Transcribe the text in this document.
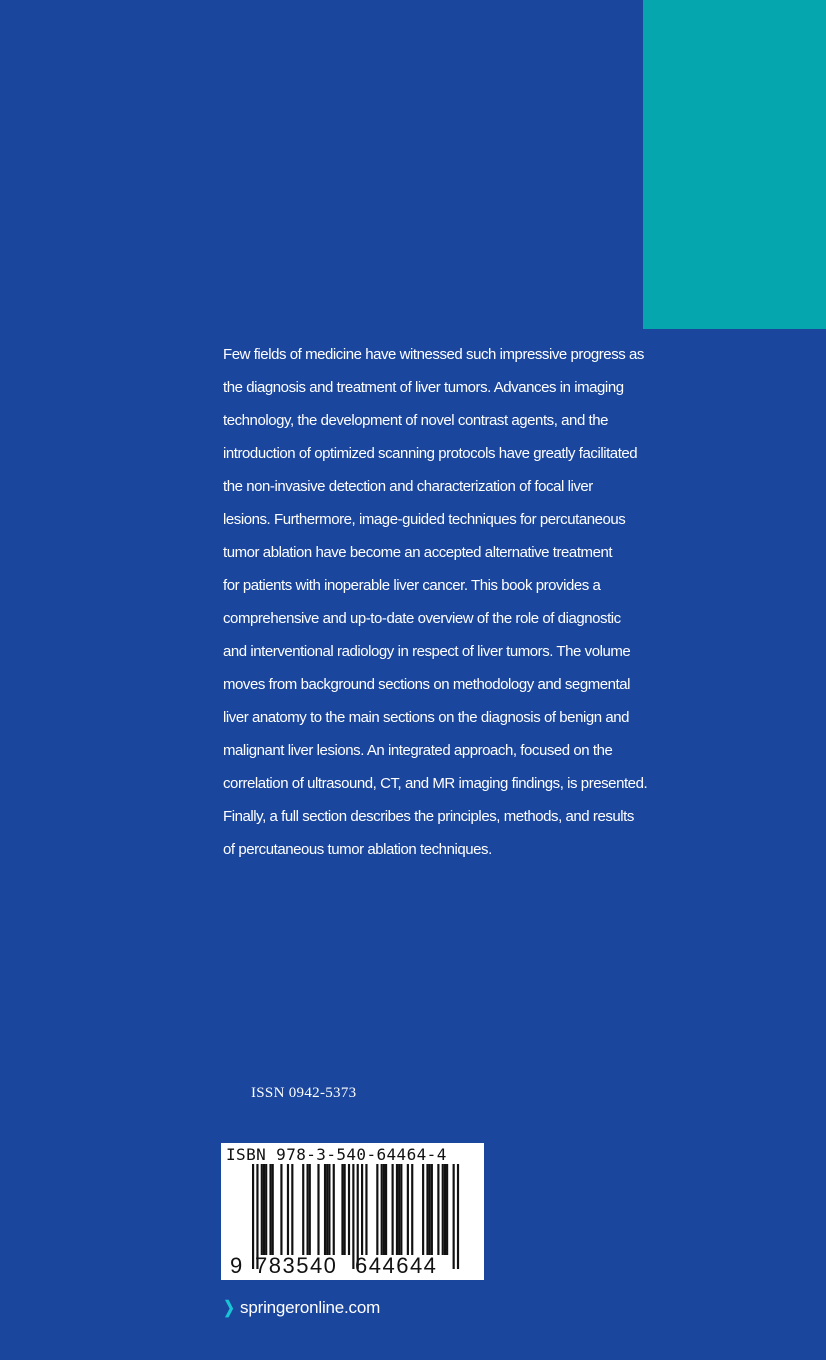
Few fields of medicine have witnessed such impressive progress as
the diagnosis and treatment of liver tumors. Advances in imaging
technology, the development of novel contrast agents, and the
introduction of optimized scanning protocols have greatly facilitated
the non-invasive detection and characterization of focal liver
lesions. Furthermore, image-guided techniques for percutaneous
tumor ablation have become an accepted alternative treatment
for patients with inoperable liver cancer. This book provides a
comprehensive and up-to-date overview of the role of diagnostic
and interventional radiology in respect of liver tumors. The volume
moves from background sections on methodology and segmental
liver anatomy to the main sections on the diagnosis of benign and
malignant liver lesions. An integrated approach, focused on the
correlation of ultrasound, CT, and MR imaging findings, is presented.
Finally, a full section describes the principles, methods, and results
of percutaneous tumor ablation techniques.
ISSN 0942-5373
ISBN 978-3-540-64464-4
9 783540 644644
❯ springeronline.com
